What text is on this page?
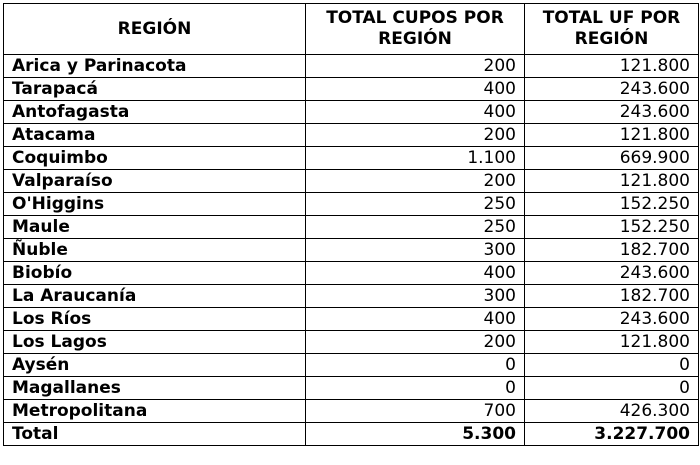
REGIÓN	TOTAL CUPOS POR REGIÓN	TOTAL UF POR REGIÓN
Arica y Parinacota	200	121.800
Tarapacá	400	243.600
Antofagasta	400	243.600
Atacama	200	121.800
Coquimbo	1.100	669.900
Valparaíso	200	121.800
O'Higgins	250	152.250
Maule	250	152.250
Ñuble	300	182.700
Biobío	400	243.600
La Araucanía	300	182.700
Los Ríos	400	243.600
Los Lagos	200	121.800
Aysén	0	0
Magallanes	0	0
Metropolitana	700	426.300
Total	5.300	3.227.700
